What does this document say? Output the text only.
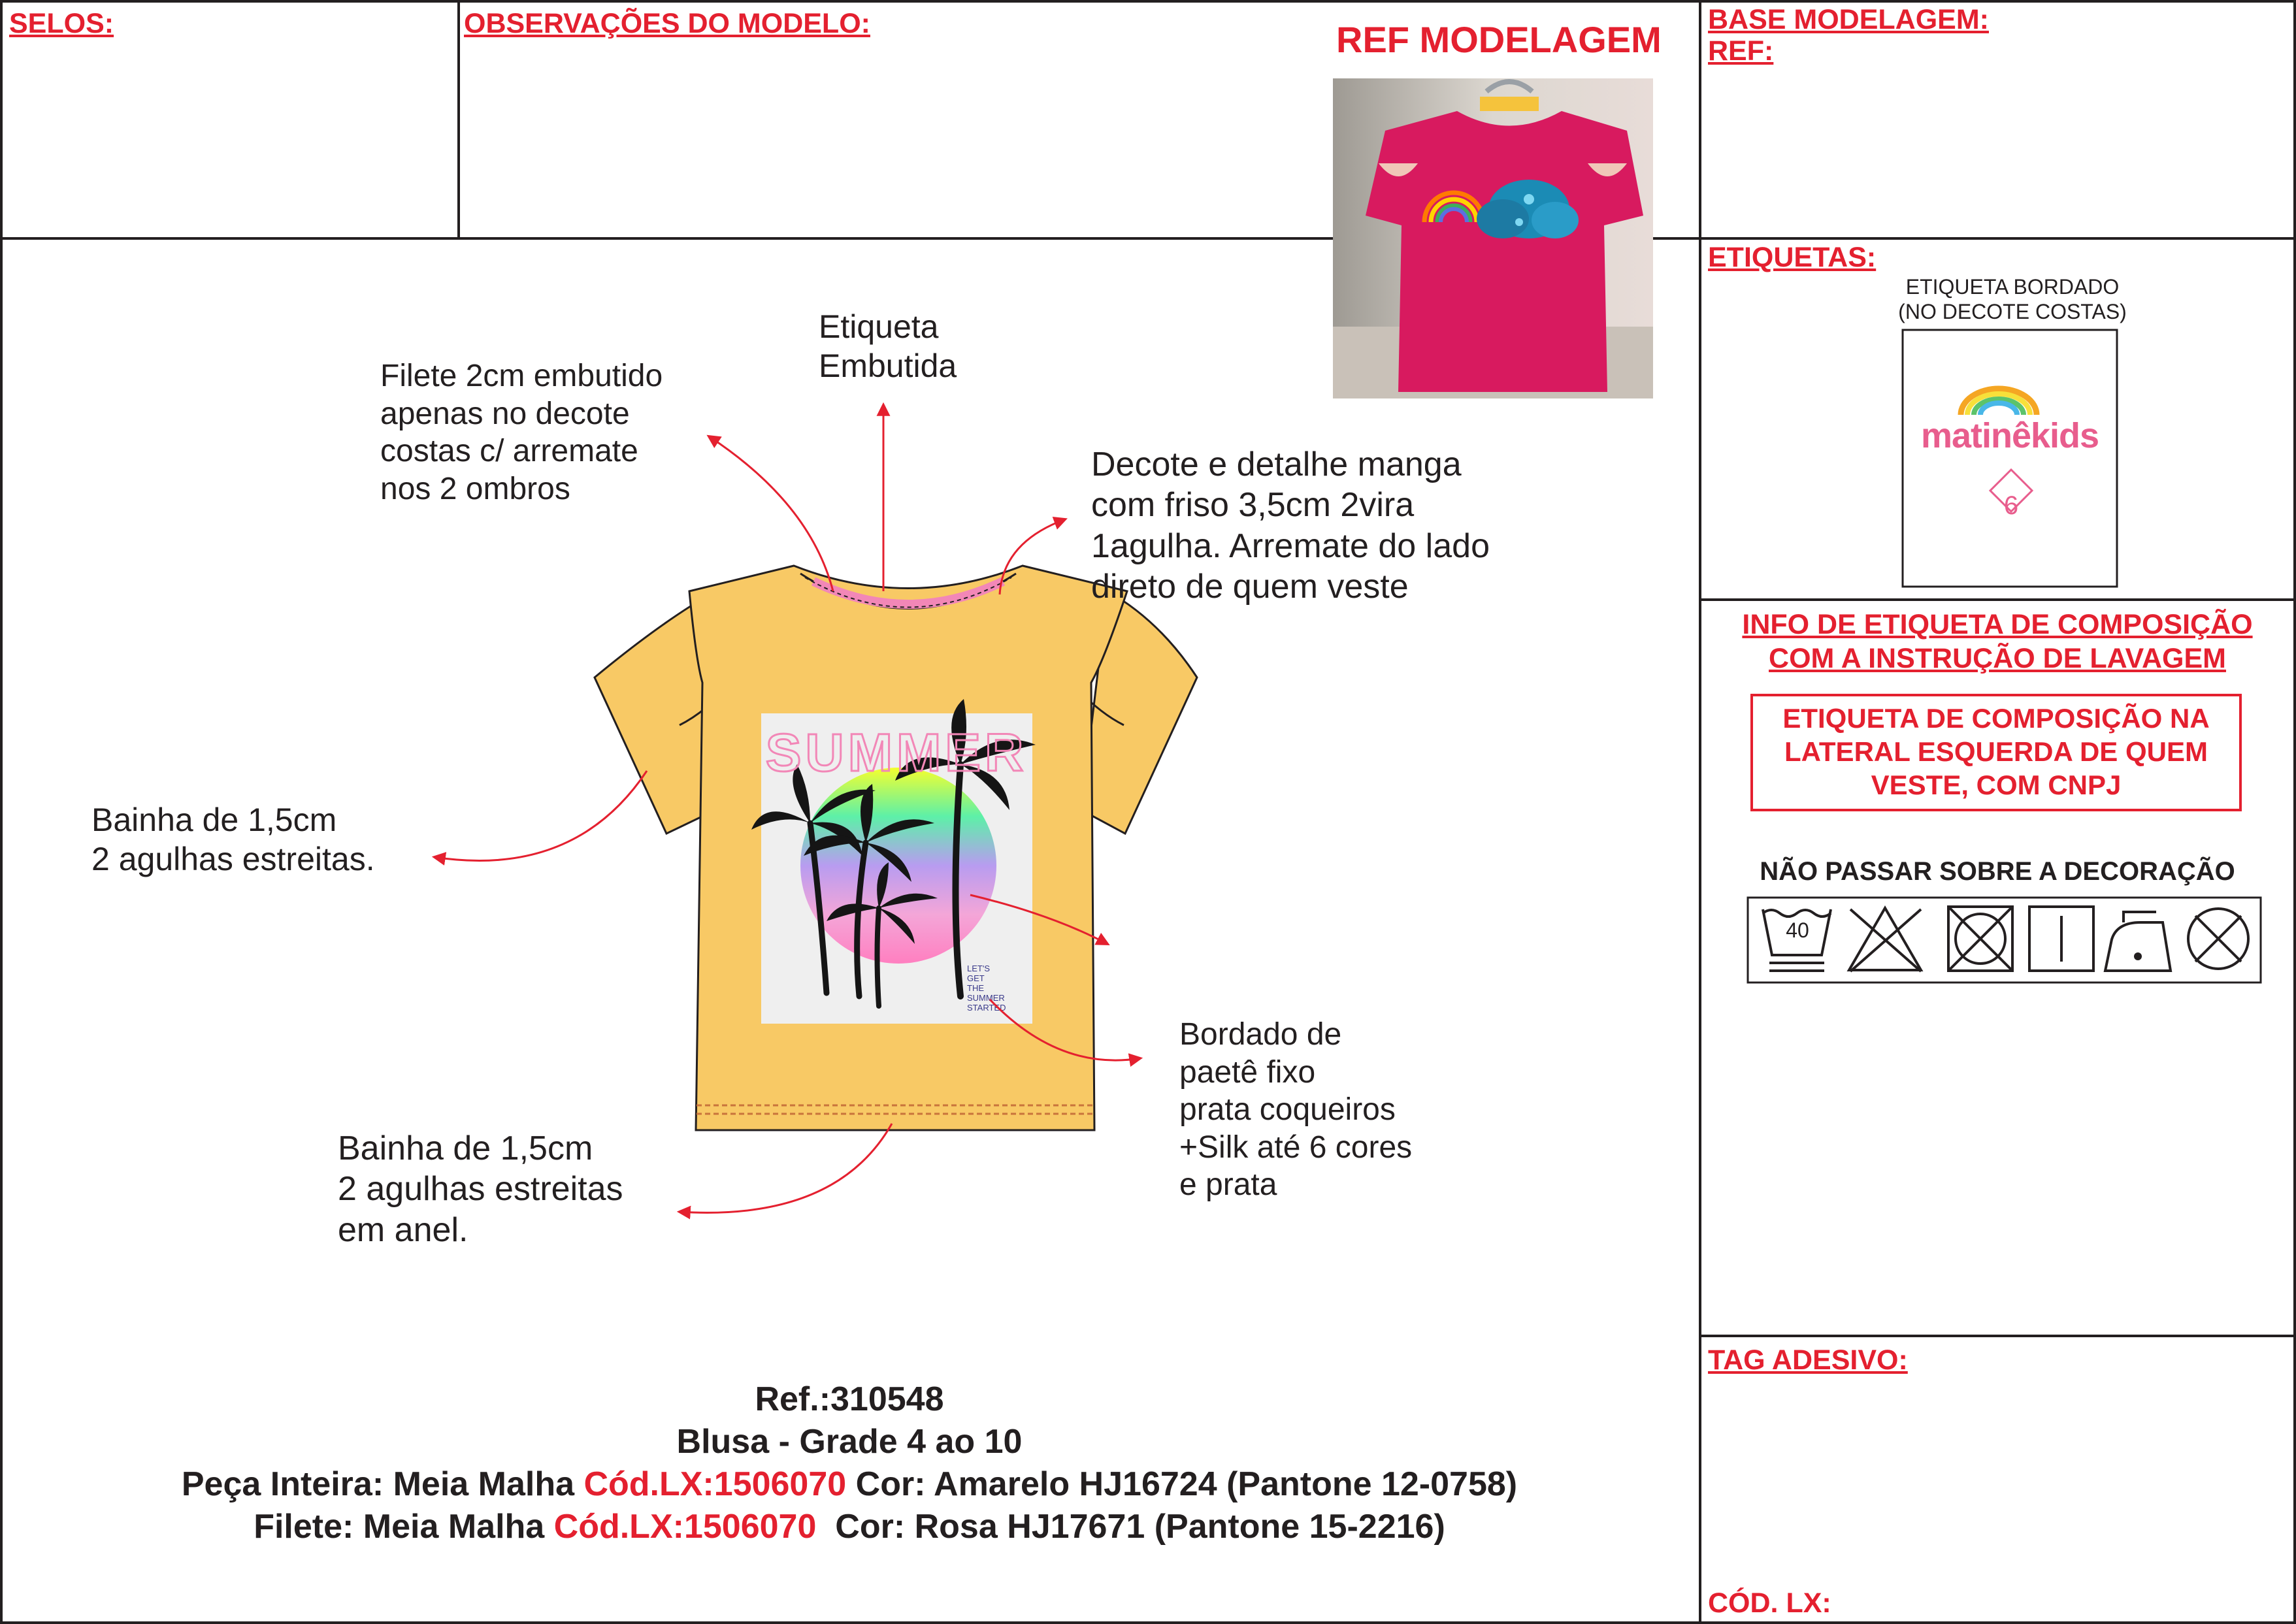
SELOS:	OBSERVAÇÕES DO MODELO:	REF MODELAGEM BASE MODELAGEM:
REF:
ETIQUETAS:
ETIQUETA BORDADO
(NO DECOTE COSTAS)
matinêkids
6
INFO DE ETIQUETA DE COMPOSIÇÃO
COM A INSTRUÇÃO DE LAVAGEM
ETIQUETA DE COMPOSIÇÃO NA
LATERAL ESQUERDA DE QUEM
VESTE, COM CNPJ
NÃO PASSAR SOBRE A DECORAÇÃO
40
TAG ADESIVO:
CÓD. LX:
SUMMER
LET'S
GET
THE
SUMMER
STARTED
Etiqueta
Embutida
Filete 2cm embutido
apenas no decote
costas c/ arremate
nos 2 ombros
Decote e detalhe manga
com friso 3,5cm 2vira
1agulha. Arremate do lado
direto de quem veste
Bainha de 1,5cm
2 agulhas estreitas.
Bordado de
paetê fixo
prata coqueiros
+Silk até 6 cores
e prata
Bainha de 1,5cm
2 agulhas estreitas
em anel.
Ref.:310548
Blusa - Grade 4 ao 10
Peça Inteira: Meia Malha Cód.LX:1506070 Cor: Amarelo HJ16724 (Pantone 12-0758)
Filete: Meia Malha Cód.LX:1506070  Cor: Rosa HJ17671 (Pantone 15-2216)
